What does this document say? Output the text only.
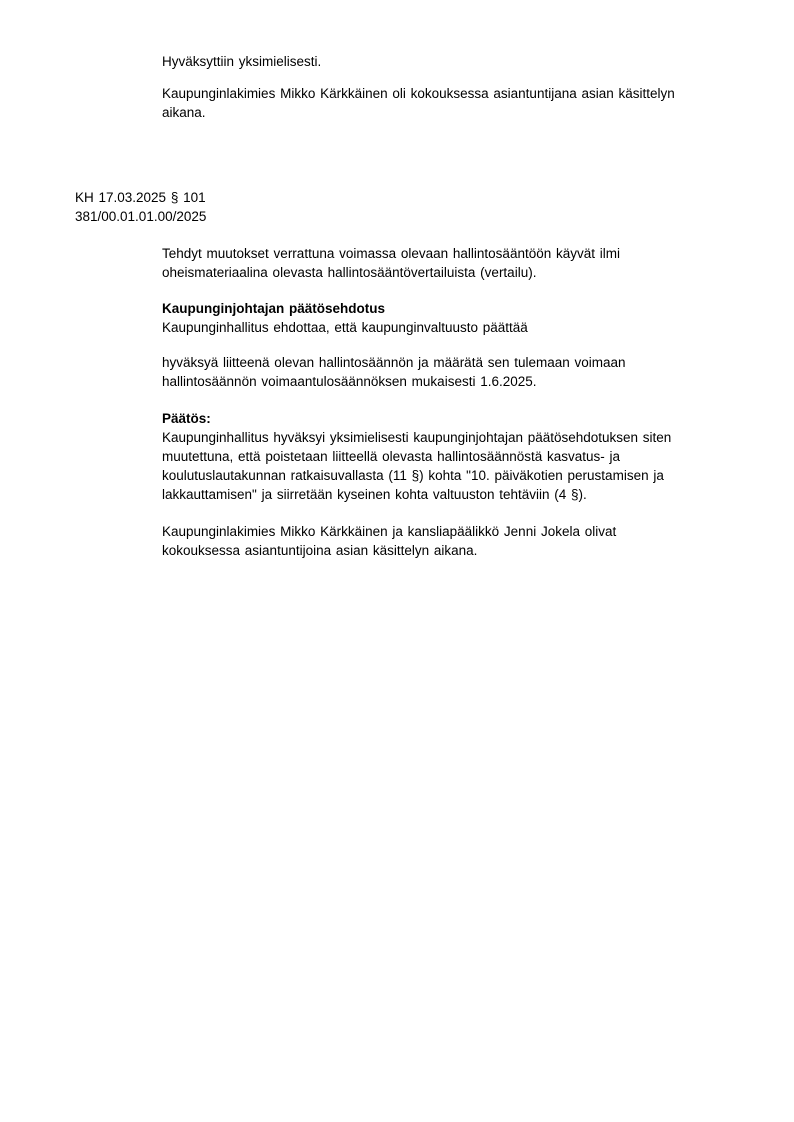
Hyväksyttiin yksimielisesti.
Kaupunginlakimies Mikko Kärkkäinen oli kokouksessa asiantuntijana asian käsittelyn
aikana.
KH 17.03.2025 § 101
381/00.01.01.00/2025
Tehdyt muutokset verrattuna voimassa olevaan hallintosääntöön käyvät ilmi
oheismateriaalina olevasta hallintosääntövertailuista (vertailu).
Kaupunginjohtajan päätösehdotus
Kaupunginhallitus ehdottaa, että kaupunginvaltuusto päättää
hyväksyä liitteenä olevan hallintosäännön ja määrätä sen tulemaan voimaan
hallintosäännön voimaantulosäännöksen mukaisesti 1.6.2025.
Päätös:
Kaupunginhallitus hyväksyi yksimielisesti kaupunginjohtajan päätösehdotuksen siten
muutettuna, että poistetaan liitteellä olevasta hallintosäännöstä kasvatus- ja
koulutuslautakunnan ratkaisuvallasta (11 §) kohta "10. päiväkotien perustamisen ja
lakkauttamisen" ja siirretään kyseinen kohta valtuuston tehtäviin (4 §).
Kaupunginlakimies Mikko Kärkkäinen ja kansliapäälikkö Jenni Jokela olivat
kokouksessa asiantuntijoina asian käsittelyn aikana.
